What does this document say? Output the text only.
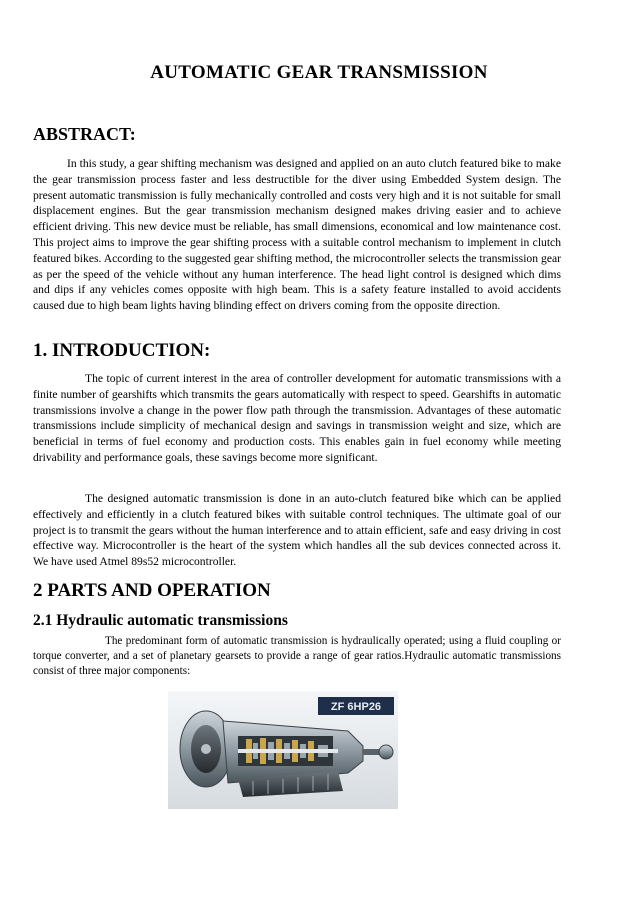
AUTOMATIC GEAR TRANSMISSION
ABSTRACT:

In this study, a gear shifting mechanism was designed and applied on an auto clutch featured bike to make the gear transmission process faster and less destructible for the diver using Embedded System design. The present automatic transmission is fully mechanically controlled and costs very high and it is not suitable for small displacement engines. But the gear transmission mechanism designed makes driving easier and to achieve efficient driving. This new device must be reliable, has small dimensions, economical and low maintenance cost. This project aims to improve the gear shifting process with a suitable control mechanism to implement in clutch featured bikes. According to the suggested gear shifting method, the microcontroller selects the transmission gear as per the speed of the vehicle without any human interference. The head light control is designed which dims and dips if any vehicles comes opposite with high beam. This is a safety feature installed to avoid accidents caused due to high beam lights having blinding effect on drivers coming from the opposite direction.

1. INTRODUCTION:

The topic of current interest in the area of controller development for automatic transmissions with a finite number of gearshifts which transmits the gears automatically with respect to speed. Gearshifts in automatic transmissions involve a change in the power flow path through the transmission. Advantages of these automatic transmissions include simplicity of mechanical design and savings in transmission weight and size, which are beneficial in terms of fuel economy and production costs. This enables gain in fuel economy while meeting drivability and performance goals, these savings become more significant.

The designed automatic transmission is done in an auto-clutch featured bike which can be applied effectively and efficiently in a clutch featured bikes with suitable control techniques. The ultimate goal of our project is to transmit the gears without the human interference and to attain efficient, safe and easy driving in cost effective way. Microcontroller is the heart of the system which handles all the sub devices connected across it. We have used Atmel 89s52 microcontroller.

2 PARTS AND OPERATION
2.1 Hydraulic automatic transmissions

The predominant form of automatic transmission is hydraulically operated; using a fluid coupling or torque converter, and a set of planetary gearsets to provide a range of gear ratios.Hydraulic automatic transmissions consist of three major components:

ZF 6HP26
